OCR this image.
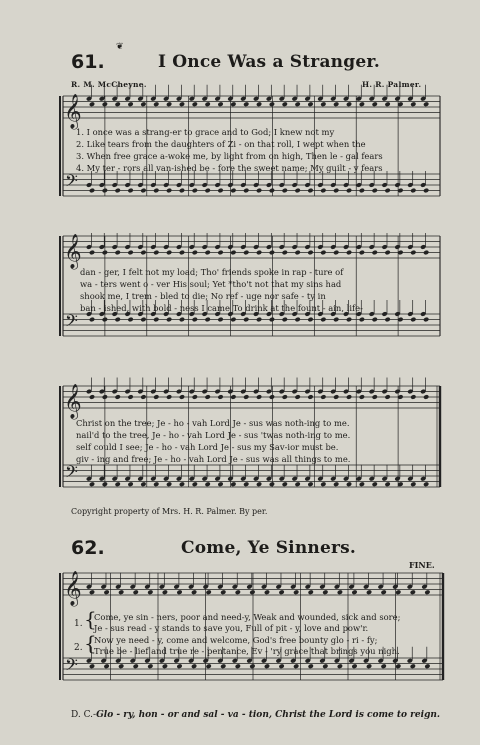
𝄞
𝄢
𝄞
𝄢
𝄞
𝄢
𝄞
𝄢
❦
61.	I Once Was a Stranger.
R. M. McCheyne.	H. R. Palmer.
1. I once was a strang-er to grace and to God; I knew not my
2. Like tears from the daughters of Zi - on that roll, I wept when the
3. When free grace a-woke me, by light from on high, Then le - gal fears
4. My ter - rors all van-ished be - fore the sweet name; My guilt - y fears
dan - ger, I felt not my load; Tho' friends spoke in rap - ture of
wa - ters went o - ver His soul; Yet *tho't not that my sins had
shook me, I trem - bled to die; No ref - uge nor safe - ty in
ban - ished, with bold - ness I came To drink at the fount - ain, life-
Christ on the tree; Je - ho - vah Lord Je - sus was noth-ing to me.
nail'd to the tree, Je - ho - vah Lord Je - sus 'twas noth-ing to me.
self could I see; Je - ho - vah Lord Je - sus my Sav-ior must be.
giv - ing and free; Je - ho - vah Lord Je - sus was all things to me.
Copyright property of Mrs. H. R. Palmer. By per.
62.	Come, Ye Sinners.
FINE.
1. {
2. {
Come, ye sin - ners, poor and need-y, Weak and wounded, sick and sore;
Je - sus read - y stands to save you, Full of pit - y, love and pow'r.
Now ye need - y, come and welcome, God's free bounty glo - ri - fy;
True be - lief and true re - pentance, Ev - 'ry grace that brings you nigh.
D. C.-Glo - ry, hon - or and sal - va - tion, Christ the Lord is come to reign.
